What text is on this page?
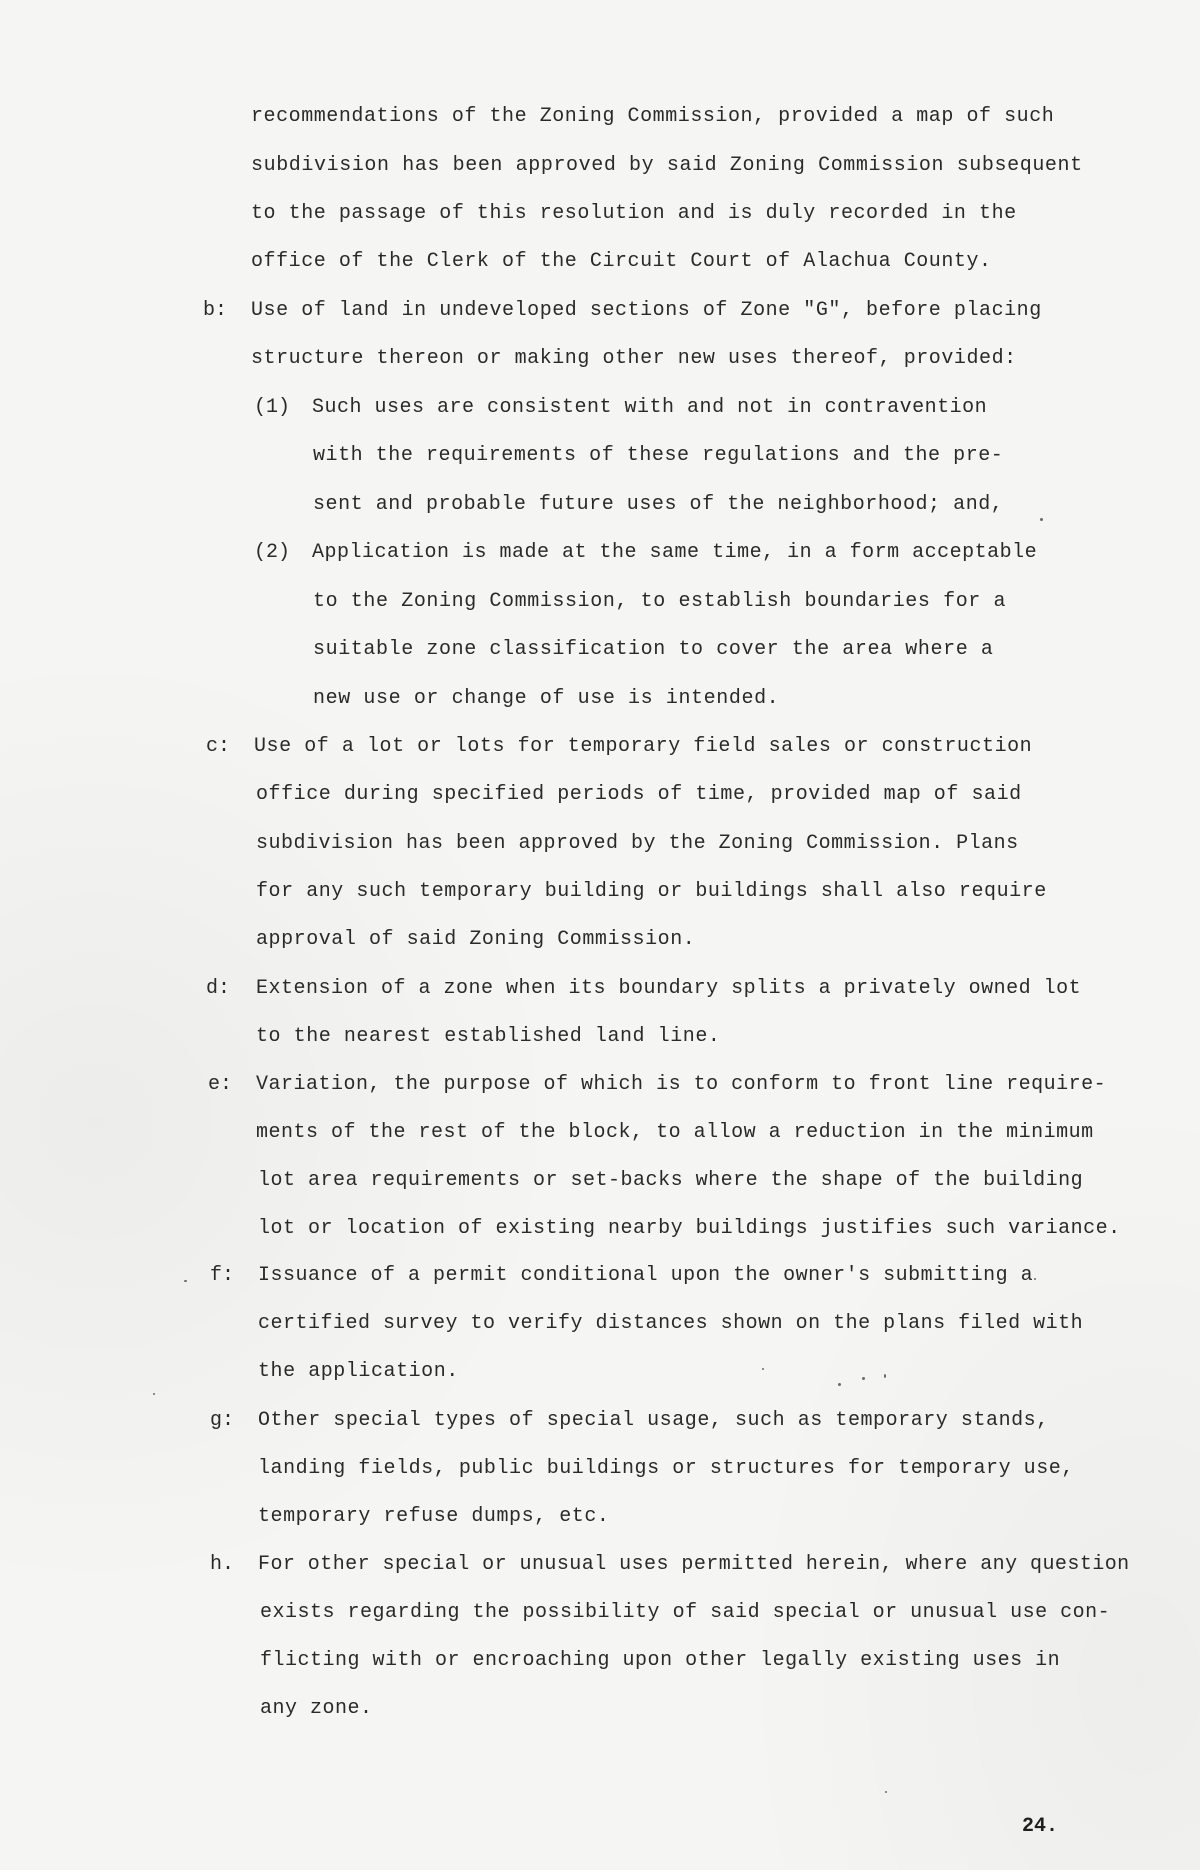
recommendations of the Zoning Commission, provided a map of such
subdivision has been approved by said Zoning Commission subsequent
to the passage of this resolution and is duly recorded in the
office of the Clerk of the Circuit Court of Alachua County.
b: Use of land in undeveloped sections of Zone "G", before placing
structure thereon or making other new uses thereof, provided:
(1) Such uses are consistent with and not in contravention
with the requirements of these regulations and the pre-
sent and probable future uses of the neighborhood; and,
(2) Application is made at the same time, in a form acceptable
to the Zoning Commission, to establish boundaries for a
suitable zone classification to cover the area where a
new use or change of use is intended.
c: Use of a lot or lots for temporary field sales or construction
office during specified periods of time, provided map of said
subdivision has been approved by the Zoning Commission. Plans
for any such temporary building or buildings shall also require
approval of said Zoning Commission.
d: Extension of a zone when its boundary splits a privately owned lot
to the nearest established land line.
e: Variation, the purpose of which is to conform to front line require-
ments of the rest of the block, to allow a reduction in the minimum
lot area requirements or set-backs where the shape of the building
lot or location of existing nearby buildings justifies such variance.
f: Issuance of a permit conditional upon the owner's submitting a
certified survey to verify distances shown on the plans filed with
the application.
g: Other special types of special usage, such as temporary stands,
landing fields, public buildings or structures for temporary use,
temporary refuse dumps, etc.
h. For other special or unusual uses permitted herein, where any question
exists regarding the possibility of said special or unusual use con-
flicting with or encroaching upon other legally existing uses in
any zone.
24.
